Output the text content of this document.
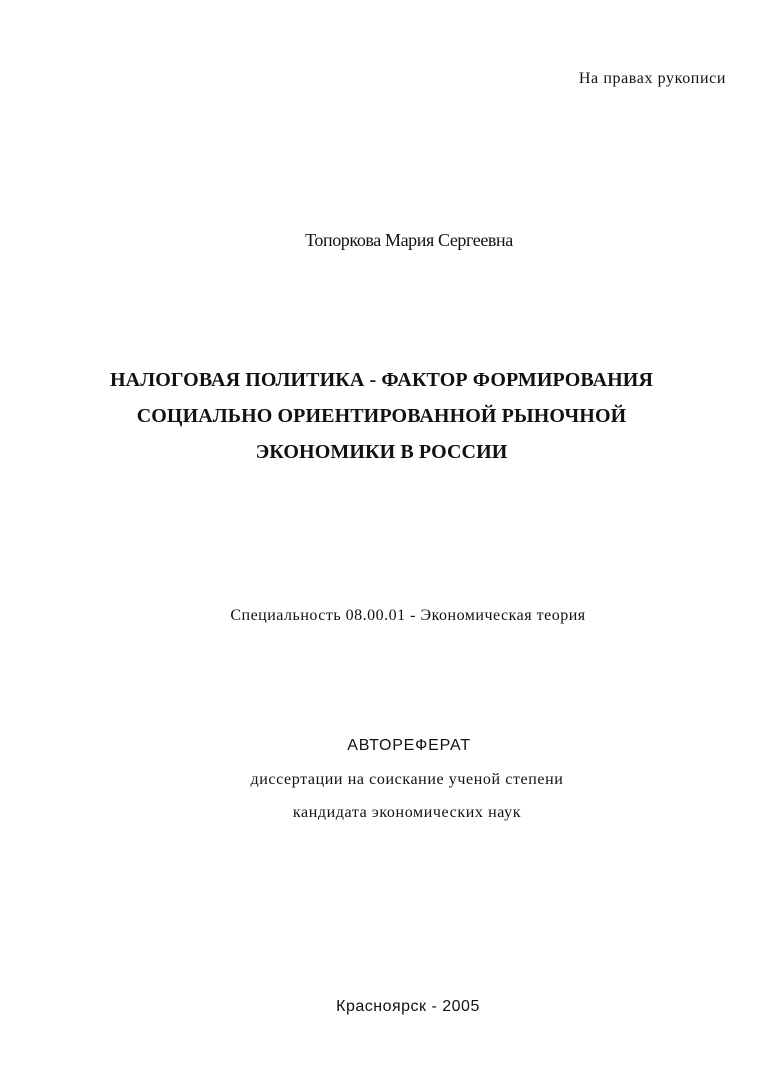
На правах рукописи
Топоркова Мария Сергеевна
НАЛОГОВАЯ ПОЛИТИКА - ФАКТОР ФОРМИРОВАНИЯ
СОЦИАЛЬНО ОРИЕНТИРОВАННОЙ РЫНОЧНОЙ
ЭКОНОМИКИ В РОССИИ
Специальность 08.00.01 - Экономическая теория
АВТОРЕФЕРАТ
диссертации на соискание ученой степени
кандидата экономических наук
Красноярск - 2005
